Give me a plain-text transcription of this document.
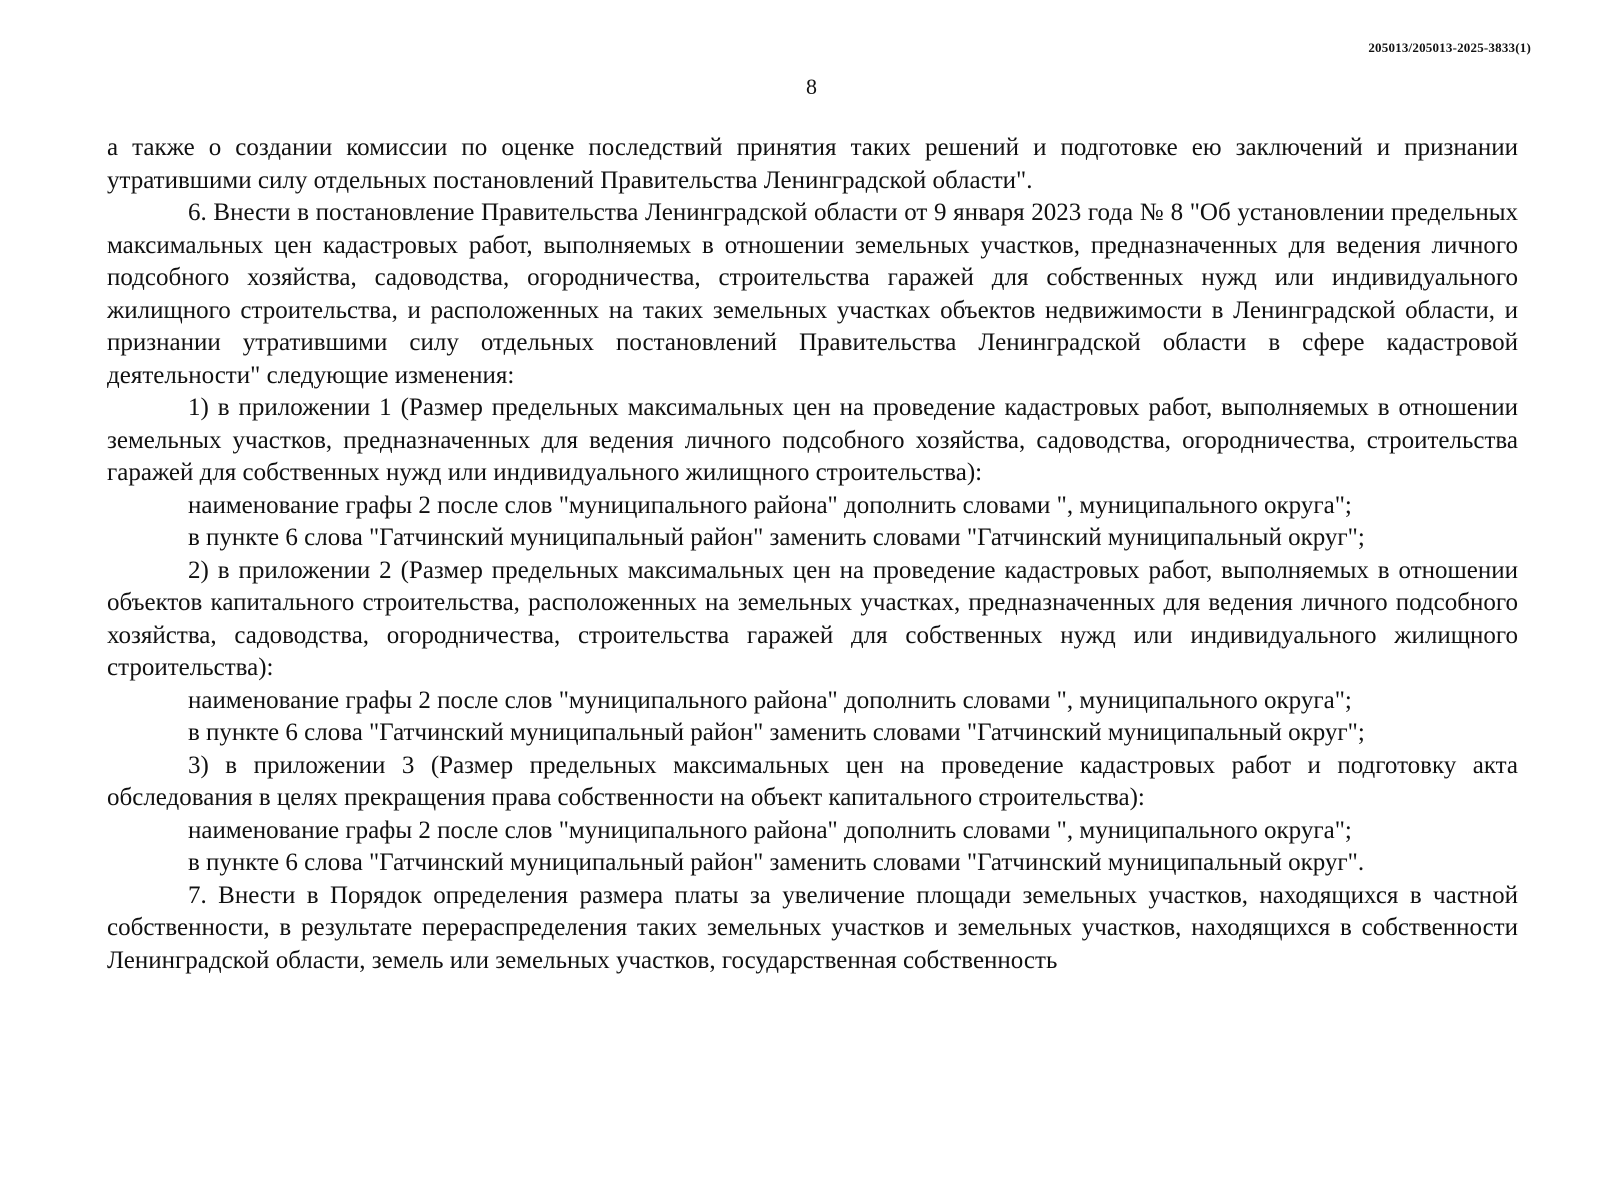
205013/205013-2025-3833(1)
8

а также о создании комиссии по оценке последствий принятия таких решений и подготовке ею заключений и признании утратившими силу отдельных постановлений Правительства Ленинградской области".

6. Внести в постановление Правительства Ленинградской области от 9 января 2023 года № 8 "Об установлении предельных максимальных цен кадастровых работ, выполняемых в отношении земельных участков, предназначенных для ведения личного подсобного хозяйства, садоводства, огородничества, строительства гаражей для собственных нужд или индивидуального жилищного строительства, и расположенных на таких земельных участках объектов недвижимости в Ленинградской области, и признании утратившими силу отдельных постановлений Правительства Ленинградской области в сфере кадастровой деятельности" следующие изменения:

1) в приложении 1 (Размер предельных максимальных цен на проведение кадастровых работ, выполняемых в отношении земельных участков, предназначенных для ведения личного подсобного хозяйства, садоводства, огородничества, строительства гаражей для собственных нужд или индивидуального жилищного строительства):

наименование графы 2 после слов "муниципального района" дополнить словами ", муниципального округа";

в пункте 6 слова "Гатчинский муниципальный район" заменить словами "Гатчинский муниципальный округ";

2) в приложении 2 (Размер предельных максимальных цен на проведение кадастровых работ, выполняемых в отношении объектов капитального строительства, расположенных на земельных участках, предназначенных для ведения личного подсобного хозяйства, садоводства, огородничества, строительства гаражей для собственных нужд или индивидуального жилищного строительства):

наименование графы 2 после слов "муниципального района" дополнить словами ", муниципального округа";

в пункте 6 слова "Гатчинский муниципальный район" заменить словами "Гатчинский муниципальный округ";

3) в приложении 3 (Размер предельных максимальных цен на проведение кадастровых работ и подготовку акта обследования в целях прекращения права собственности на объект капитального строительства):

наименование графы 2 после слов "муниципального района" дополнить словами ", муниципального округа";

в пункте 6 слова "Гатчинский муниципальный район" заменить словами "Гатчинский муниципальный округ".

7. Внести в Порядок определения размера платы за увеличение площади земельных участков, находящихся в частной собственности, в результате перераспределения таких земельных участков и земельных участков, находящихся в собственности Ленинградской области, земель или земельных участков, государственная собственность
